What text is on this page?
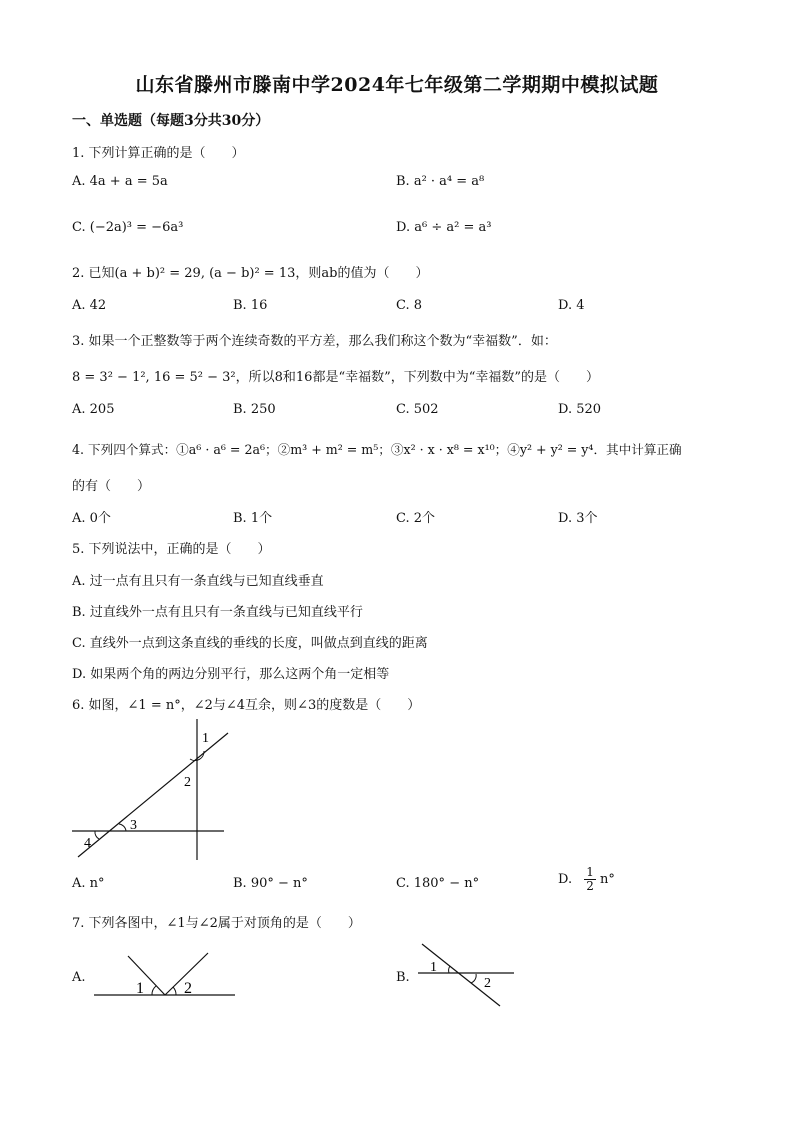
山东省滕州市滕南中学2024年七年级第二学期期中模拟试题
一、单选题（每题3分共30分）
1. 下列计算正确的是（　　）
A. 4a + a = 5a	B. a² · a⁴ = a⁸
C. (−2a)³ = −6a³	D. a⁶ ÷ a² = a³
2. 已知(a + b)² = 29, (a − b)² = 13，则ab的值为（　　）
A. 42	B. 16	C. 8	D. 4
3. 如果一个正整数等于两个连续奇数的平方差，那么我们称这个数为“幸福数”．如：
8 = 3² − 1², 16 = 5² − 3²，所以8和16都是“幸福数”，下列数中为“幸福数”的是（　　）
A. 205	B. 250	C. 502	D. 520
4. 下列四个算式：①a⁶ · a⁶ = 2a⁶；②m³ + m² = m⁵；③x² · x · x⁸ = x¹⁰；④y² + y² = y⁴．其中计算正确
的有（　　）
A. 0个	B. 1个	C. 2个	D. 3个
5. 下列说法中，正确的是（　　）
A. 过一点有且只有一条直线与已知直线垂直
B. 过直线外一点有且只有一条直线与已知直线平行
C. 直线外一点到这条直线的垂线的长度，叫做点到直线的距离
D. 如果两个角的两边分别平行，那么这两个角一定相等
6. 如图，∠1 = n°，∠2与∠4互余，则∠3的度数是（　　）
1
2
3
4
A. n°	B. 90° − n°	C. 180° − n°	D. $\frac{1}{2} n^\circ$
7. 下列各图中，∠1与∠2属于对顶角的是（　　）
A.
1	2
B.
1
2
